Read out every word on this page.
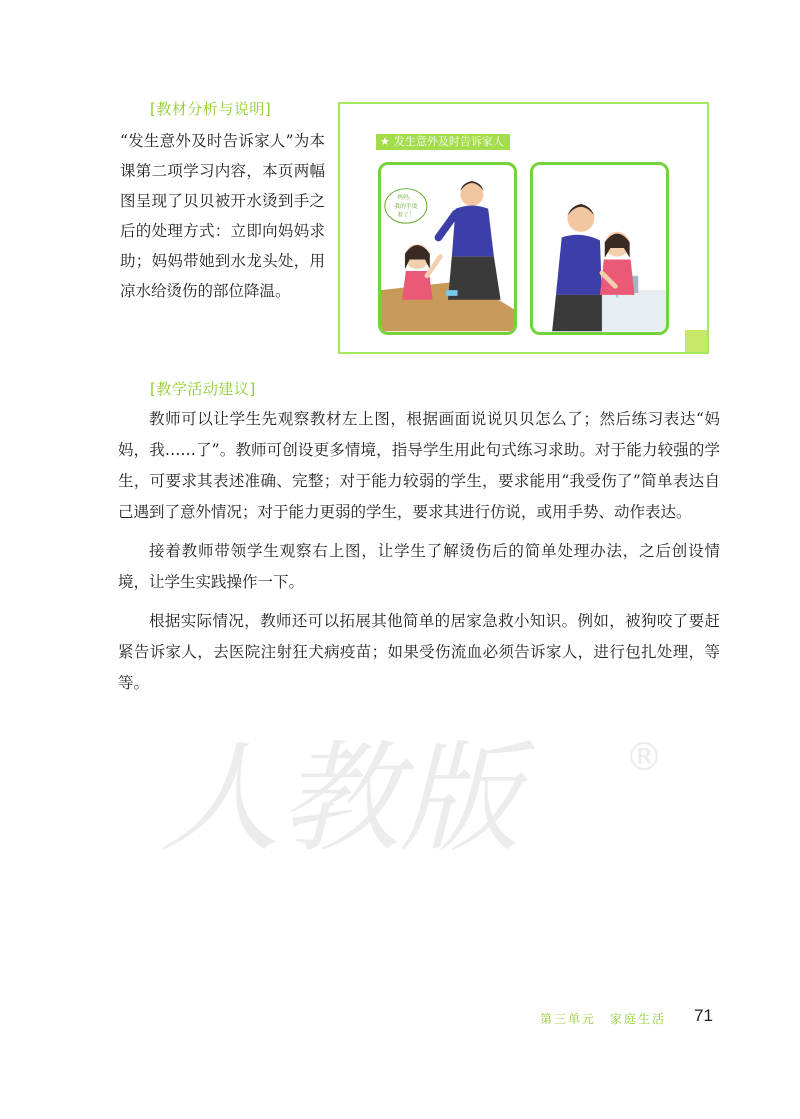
[教材分析与说明]
“发生意外及时告诉家人”为本课第二项学习内容，本页两幅图呈现了贝贝被开水烫到手之后的处理方式：立即向妈妈求助；妈妈带她到水龙头处，用凉水给烫伤的部位降温。
★ 发生意外及时告诉家人
妈妈，
我的手烫
着了！
[教学活动建议]

教师可以让学生先观察教材左上图，根据画面说说贝贝怎么了；然后练习表达“妈妈，我……了”。教师可创设更多情境，指导学生用此句式练习求助。对于能力较强的学生，可要求其表述准确、完整；对于能力较弱的学生，要求能用“我受伤了”简单表达自己遇到了意外情况；对于能力更弱的学生，要求其进行仿说，或用手势、动作表达。

接着教师带领学生观察右上图，让学生了解烫伤后的简单处理办法，之后创设情境，让学生实践操作一下。

根据实际情况，教师还可以拓展其他简单的居家急救小知识。例如，被狗咬了要赶紧告诉家人，去医院注射狂犬病疫苗；如果受伤流血必须告诉家人，进行包扎处理，等等。

人教版	®
第三单元　家庭生活 71
